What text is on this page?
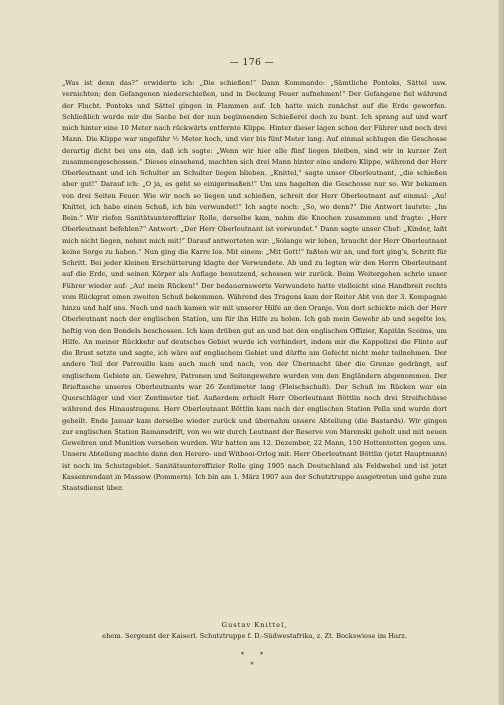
— 176 —

„Was ist denn das?“ erwiderte ich: „Die schießen!“ Dann Kommando: „Sämtliche Pontoks, Sättel usw. vernichten; den Gefangenen niederschießen, und in Deckung Feuer aufnehmen!“ Der Gefangene fiel während der Flucht. Pontoks und Sättel gingen in Flammen auf. Ich hatte mich zunächst auf die Erde geworfen. Schließlich wurde mir die Sache bei der nun beginnenden Schießerei doch zu bunt. Ich sprang auf und warf mich hinter eine 10 Meter nach rückwärts entfernte Klippe. Hinter dieser lagen schon der Führer und noch drei Mann. Die Klippe war ungefähr ½ Meter hoch, und vier bis fünf Meter lang. Auf einmal schlugen die Geschosse derartig dicht bei uns ein, daß ich sagte: „Wenn wir hier alle fünf liegen bleiben, sind wir in kurzer Zeit zusammengeschossen.“ Dieses einsehend, machten sich drei Mann hinter eine andere Klippe, während der Herr Oberleutnant und ich Schulter an Schulter liegen blieben. „Knittel,“ sagte unser Oberleutnant, „die schießen aber gut!“ Darauf ich: „O ja, es geht so einigermaßen!“ Um uns hagelten die Geschosse nur so. Wir bekamen von drei Seiten Feuer. Wie wir noch so liegen und schießen, schreit der Herr Oberleutnant auf einmal: „Au! Knittel, ich habe einen Schuß, ich bin verwundet!“ Ich sagte noch: „So, wo denn?“ Die Antwort lautete: „Im Bein.“ Wir riefen Sanitätsunteroffizier Rolle, derselbe kam, nahm die Knochen zusammen und fragte: „Herr Oberleutnant befehlen?“ Antwort: „Der Herr Oberleutnant ist verwundet.“ Dann sagte unser Chef: „Kinder, laßt mich nicht liegen, nehmt mich mit!“ Darauf antworteten wir: „Solange wir leben, braucht der Herr Oberleutnant keine Sorge zu haben.“ Nun ging die Karre los. Mit einem: „Mit Gott!“ faßten wir an, und fort ging's, Schritt für Schritt. Bei jeder kleinen Erschütterung klagte der Verwundete. Ab und zu legten wir den Herrn Oberleutnant auf die Erde, und seinen Körper als Auflage benutzend, schossen wir zurück. Beim Weitergehen schrie unser Führer wieder auf: „Au! mein Rücken!“ Der bedauernswerte Verwundete hatte vielleicht eine Handbreit rechts vom Rückgrat einen zweiten Schuß bekommen. Während des Tragens kam der Reiter Abt von der 3. Kompagnie hinzu und half uns. Nach und nach kamen wir mit unserer Hilfe an den Oranje. Von dort schickte mich der Herr Oberleutnant nach der englischen Station, um für ihn Hilfe zu holen. Ich gab mein Gewehr ab und segelte los, heftig von den Bondels beschossen. Ich kam drüben gut an und bat den englischen Offizier, Kapitän Sceims, um Hilfe. An meiner Rückkehr auf deutsches Gebiet wurde ich verhindert, indem mir die Kappolizei die Flinte auf die Brust setzte und sagte, ich wäre auf englischem Gebiet und dürfte am Gefecht nicht mehr teilnehmen. Der andere Teil der Patrouille kam auch nach und nach, von der Übermacht über die Grenze gedrängt, auf englischem Gebiete an. Gewehre, Patronen und Seitengewehre wurden von den Engländern abgenommen. Der Brieftasche unseres Oberleutnants war 26 Zentimeter lang (Fleischschuß). Der Schuß im Rücken war ein Querschläger und vier Zentimeter tief. Außerdem erhielt Herr Oberleutnant Böttlin noch drei Streifschüsse während des Hinaustragens. Herr Oberleutnant Böttlin kam nach der englischen Station Pella und wurde dort geheilt. Ende Januar kam derselbe wieder zurück und übernahm unsere Abteilung (die Bastards). Wir gingen zur englischen Station Ramansdrift, von wo wir durch Leutnant der Reserve von Marenski geholt und mit neuen Gewehren und Munition versehen wurden. Wir hatten am 12. Dezember, 22 Mann, 150 Hottentotten gegen uns. Unsere Abteilung machte dann den Herero- und Witbooi-Orlog mit. Herr Oberleutnant Böttlin (jetzt Hauptmann) ist noch im Schutzgebiet. Sanitätsunteroffizier Rolle ging 1905 nach Deutschland als Feldwebel und ist jetzt Kassenrendant in Massow (Pommern). Ich bin am 1. März 1907 aus der Schutztruppe ausgetreten und gehe zum Staatsdienst über.

Gustav Knittel,
ehem. Sergeant der Kaiserl. Schutztruppe f. D.-Südwestafrika, z. Zt. Bockswiese im Harz.
*       *
*
